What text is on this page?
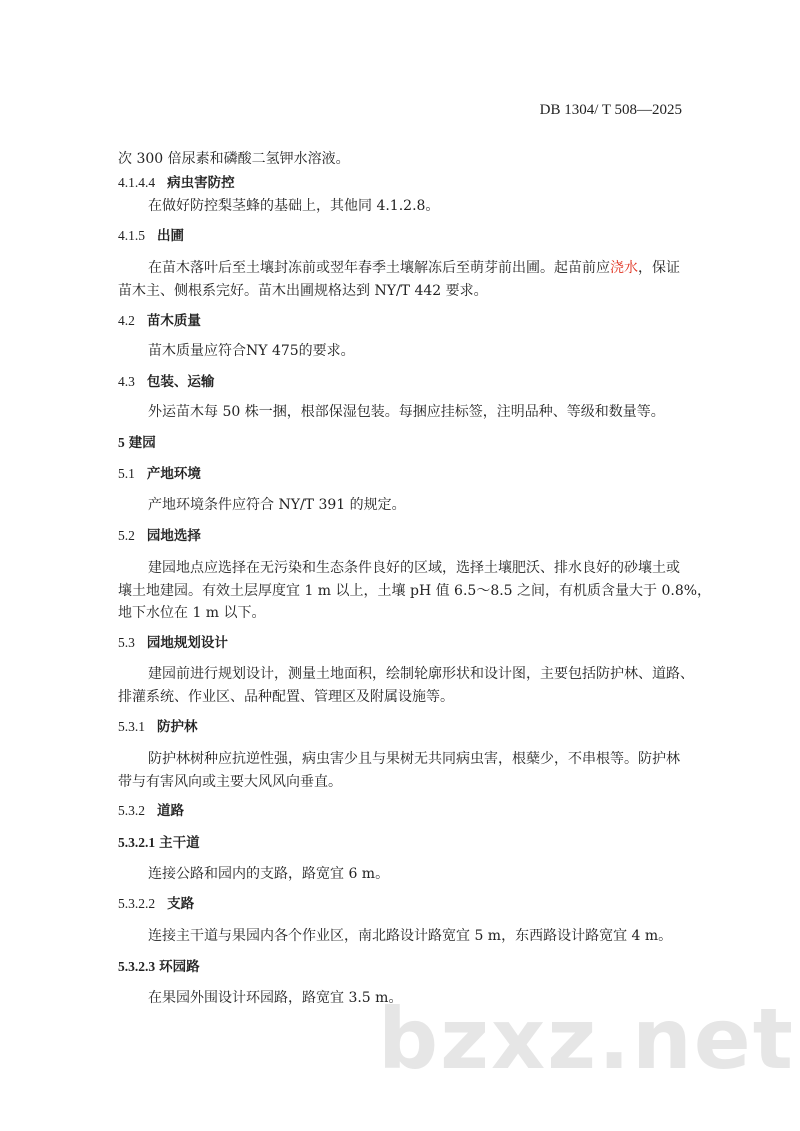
DB 1304/ T 508—2025
次 300 倍尿素和磷酸二氢钾水溶液。
4.1.4.4 病虫害防控
在做好防控梨茎蜂的基础上，其他同 4.1.2.8。
4.1.5 出圃
在苗木落叶后至土壤封冻前或翌年春季土壤解冻后至萌芽前出圃。起苗前应浇水，保证
苗木主、侧根系完好。苗木出圃规格达到 NY/T 442 要求。
4.2 苗木质量
苗木质量应符合NY 475的要求。
4.3 包装、运输
外运苗木每 50 株一捆，根部保湿包装。每捆应挂标签，注明品种、等级和数量等。
5 建园
5.1 产地环境
产地环境条件应符合 NY/T 391 的规定。
5.2 园地选择
建园地点应选择在无污染和生态条件良好的区域，选择土壤肥沃、排水良好的砂壤土或
壤土地建园。有效土层厚度宜 1 m 以上，土壤 pH 值 6.5～8.5 之间，有机质含量大于 0.8%，
地下水位在 1 m 以下。
5.3 园地规划设计
建园前进行规划设计，测量土地面积，绘制轮廓形状和设计图，主要包括防护林、道路、
排灌系统、作业区、品种配置、管理区及附属设施等。
5.3.1 防护林
防护林树种应抗逆性强，病虫害少且与果树无共同病虫害，根蘖少，不串根等。防护林
带与有害风向或主要大风风向垂直。
5.3.2 道路
5.3.2.1 主干道
连接公路和园内的支路，路宽宜 6 m。
5.3.2.2 支路
连接主干道与果园内各个作业区，南北路设计路宽宜 5 m，东西路设计路宽宜 4 m。
5.3.2.3 环园路
在果园外围设计环园路，路宽宜 3.5 m。
bzxz.net
